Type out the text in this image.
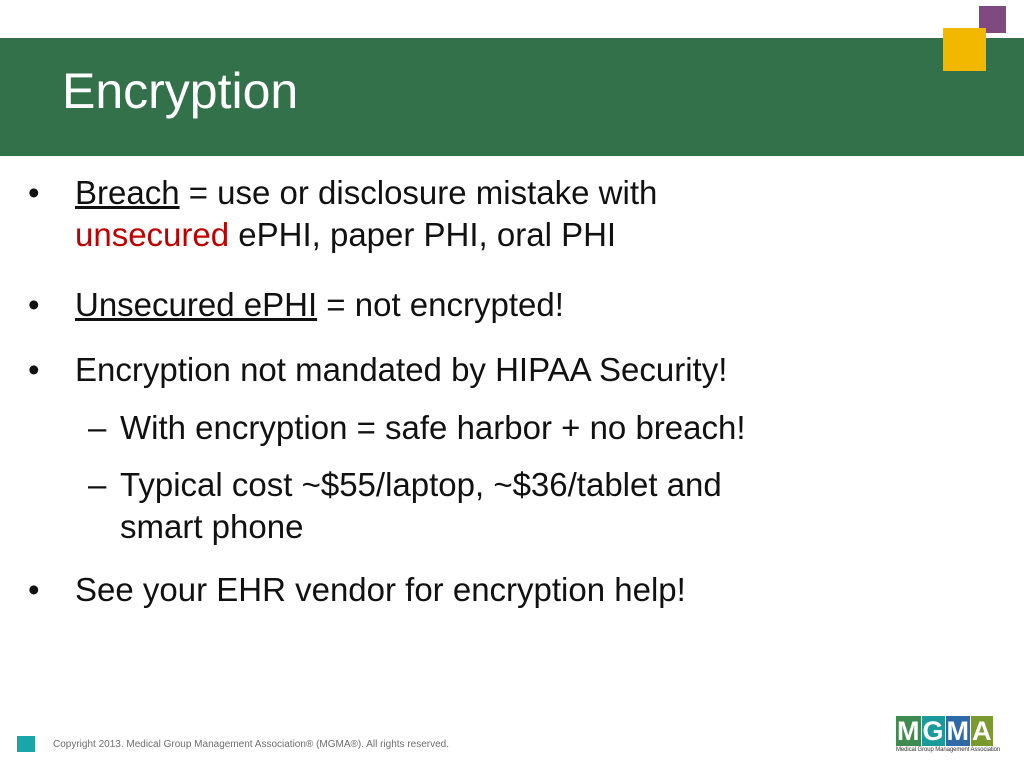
Encryption
• Breach = use or disclosure mistake with
unsecured ePHI, paper PHI, oral PHI
• Unsecured ePHI = not encrypted!
• Encryption not mandated by HIPAA Security!
– With encryption = safe harbor + no breach!
– Typical cost ~$55/laptop, ~$36/tablet and
smart phone
• See your EHR vendor for encryption help!
Copyright 2013. Medical Group Management Association® (MGMA®). All rights reserved.	M G M A
Medical Group Management Association
